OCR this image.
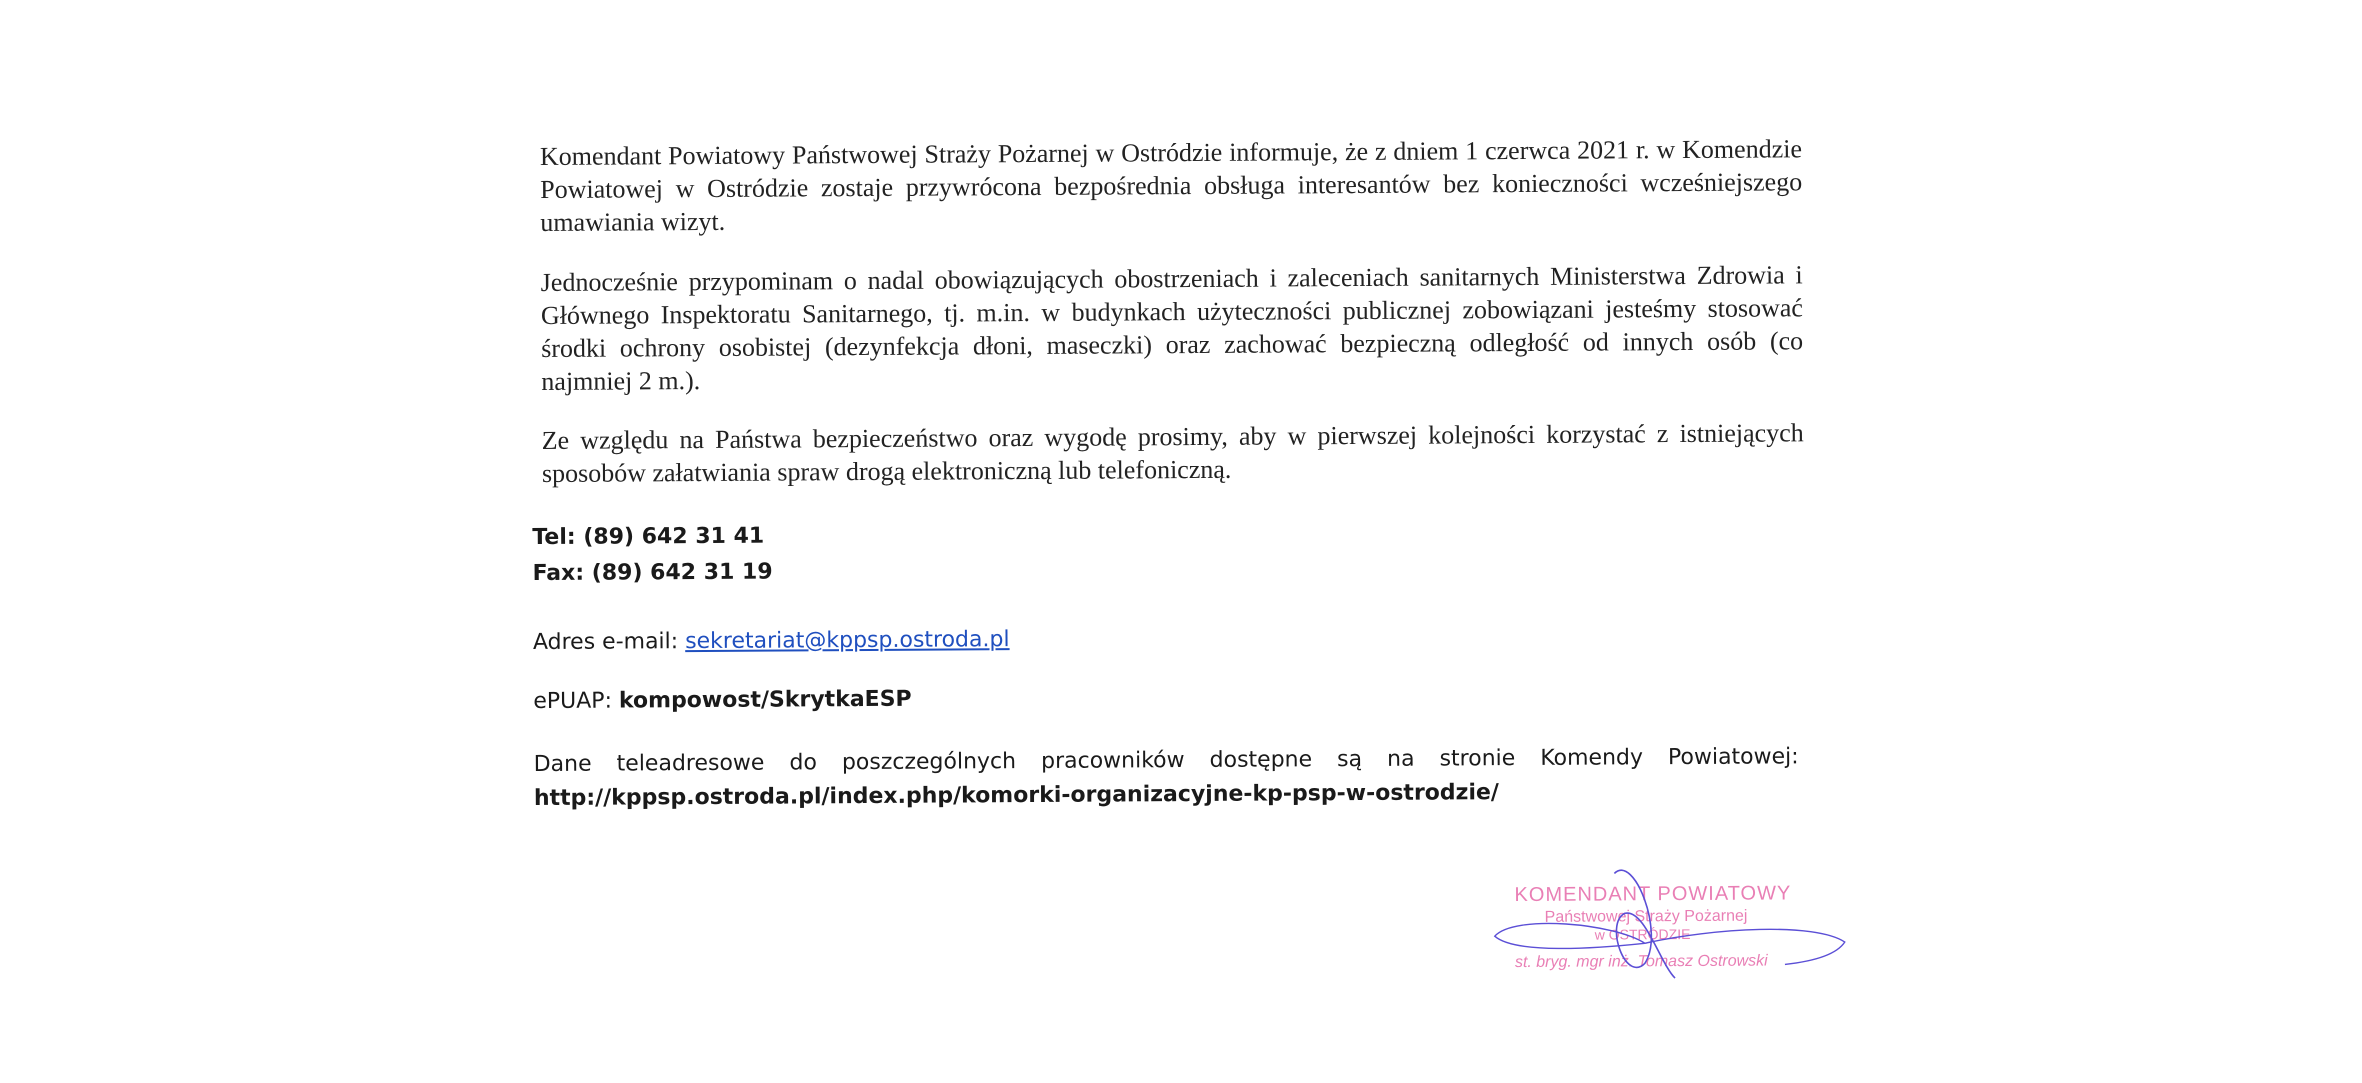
Komendant Powiatowy Państwowej Straży Pożarnej w Ostródzie informuje, że z dniem 1 czerwca 2021 r. w Komendzie Powiatowej w Ostródzie zostaje przywrócona bezpośrednia obsługa interesantów bez konieczności wcześniejszego umawiania wizyt.

Jednocześnie przypominam o nadal obowiązujących obostrzeniach i zaleceniach sanitarnych Ministerstwa Zdrowia i Głównego Inspektoratu Sanitarnego, tj. m.in. w budynkach użyteczności publicznej zobowiązani jesteśmy stosować środki ochrony osobistej (dezynfekcja dłoni, maseczki) oraz zachować bezpieczną odległość od innych osób (co najmniej 2 m.).

Ze względu na Państwa bezpieczeństwo oraz wygodę prosimy, aby w pierwszej kolejności korzystać z istniejących sposobów załatwiania spraw drogą elektroniczną lub telefoniczną.

Tel: (89) 642 31 41
Fax: (89) 642 31 19
Adres e-mail: sekretariat@kppsp.ostroda.pl
ePUAP: kompowost/SkrytkaESP
Dane teleadresowe do poszczególnych pracowników dostępne są na stronie Komendy Powiatowej:
http://kppsp.ostroda.pl/index.php/komorki-organizacyjne-kp-psp-w-ostrodzie/
KOMENDANT POWIATOWY
Państwowej Straży Pożarnej
w OSTRÓDZIE
st. bryg. mgr inż. Tomasz Ostrowski
